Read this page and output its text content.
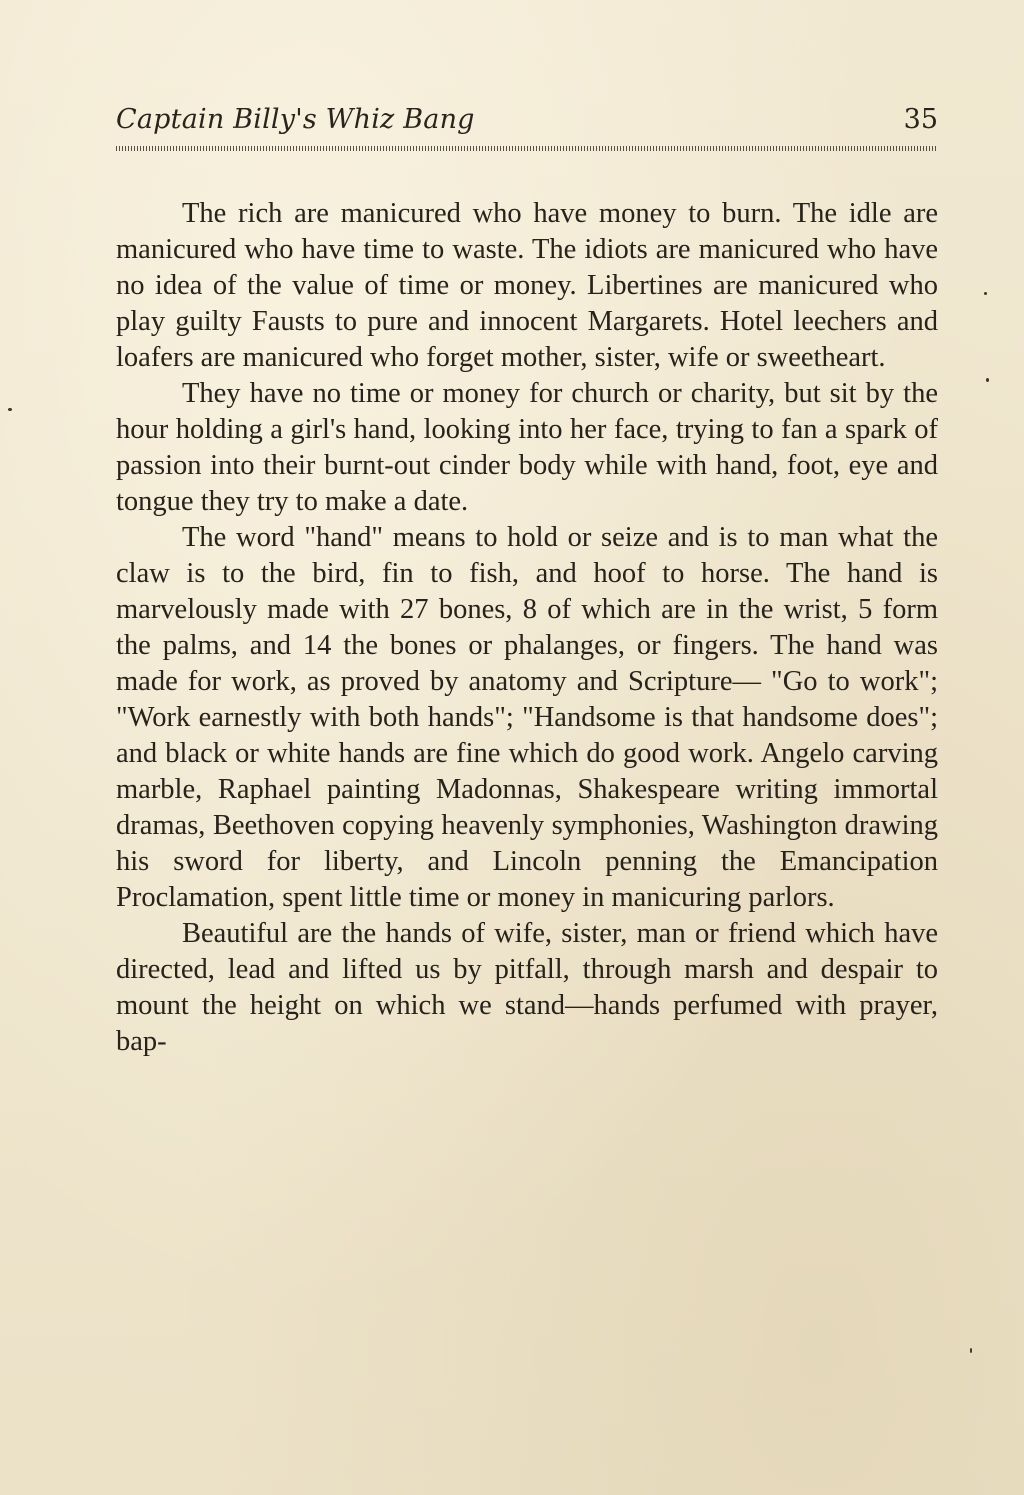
Captain Billy's Whiz Bang	35

The rich are manicured who have money to burn. The idle are manicured who have time to waste. The idiots are manicured who have no idea of the value of time or money. Libertines are manicured who play guilty Fausts to pure and innocent Margarets. Hotel leechers and loafers are manicured who forget mother, sister, wife or sweetheart.

They have no time or money for church or charity, but sit by the hour holding a girl's hand, looking into her face, trying to fan a spark of passion into their burnt-out cinder body while with hand, foot, eye and tongue they try to make a date.

The word "hand" means to hold or seize and is to man what the claw is to the bird, fin to fish, and hoof to horse. The hand is marvelously made with 27 bones, 8 of which are in the wrist, 5 form the palms, and 14 the bones or phalanges, or fingers. The hand was made for work, as proved by anatomy and Scripture— "Go to work"; "Work earnestly with both hands"; "Handsome is that handsome does"; and black or white hands are fine which do good work. Angelo carving marble, Raphael painting Madonnas, Shakespeare writing immortal dramas, Beethoven copying heavenly symphonies, Washington drawing his sword for liberty, and Lincoln penning the Emancipation Proclamation, spent little time or money in manicuring parlors.

Beautiful are the hands of wife, sister, man or friend which have directed, lead and lifted us by pitfall, through marsh and despair to mount the height on which we stand—hands perfumed with prayer, bap-
